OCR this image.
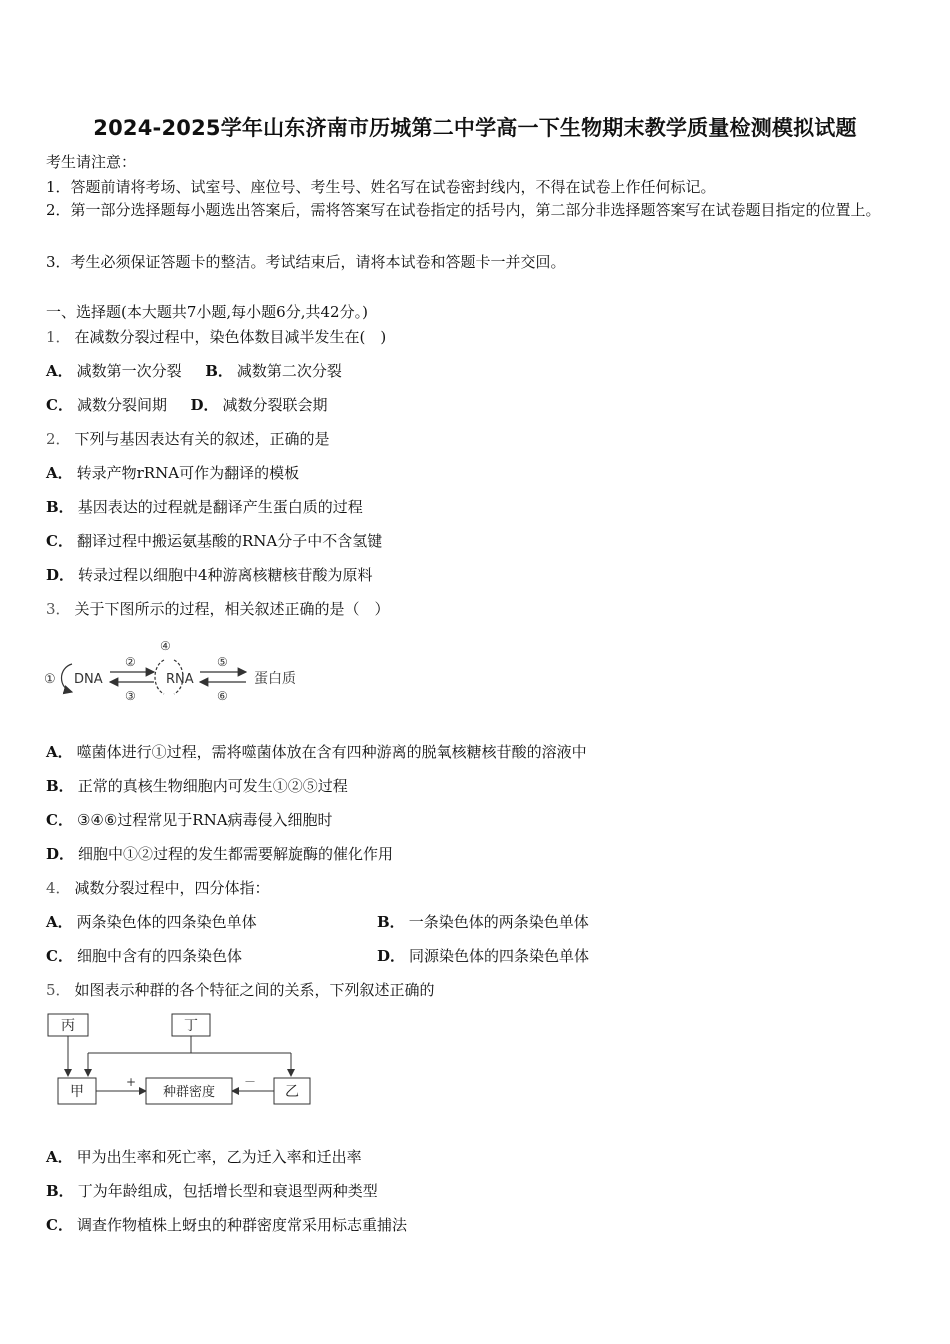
2024-2025学年山东济南市历城第二中学高一下生物期末教学质量检测模拟试题
考生请注意：
1．答题前请将考场、试室号、座位号、考生号、姓名写在试卷密封线内，不得在试卷上作任何标记。
2．第一部分选择题每小题选出答案后，需将答案写在试卷指定的括号内，第二部分非选择题答案写在试卷题目指定的位置上。
3．考生必须保证答题卡的整洁。考试结束后，请将本试卷和答题卡一并交回。
一、选择题(本大题共7小题,每小题6分,共42分。)
1． 在减数分裂过程中，染色体数目减半发生在(　)
A． 减数第一次分裂 B． 减数第二次分裂
C． 减数分裂间期 D． 减数分裂联会期
2． 下列与基因表达有关的叙述，正确的是
A． 转录产物rRNA可作为翻译的模板
B． 基因表达的过程就是翻译产生蛋白质的过程
C． 翻译过程中搬运氨基酸的RNA分子中不含氢键
D． 转录过程以细胞中4种游离核糖核苷酸为原料
3． 关于下图所示的过程，相关叙述正确的是（　）
① DNA
②
③
④
RNA
⑤
⑥
蛋白质
A． 噬菌体进行①过程，需将噬菌体放在含有四种游离的脱氧核糖核苷酸的溶液中
B． 正常的真核生物细胞内可发生①②⑤过程
C． ③④⑥过程常见于RNA病毒侵入细胞时
D． 细胞中①②过程的发生都需要解旋酶的催化作用
4． 减数分裂过程中，四分体指：
A． 两条染色体的四条染色单体	B． 一条染色体的两条染色单体
C． 细胞中含有的四条染色体	D． 同源染色体的四条染色单体
5． 如图表示种群的各个特征之间的关系，下列叙述正确的
+	－
丙	丁
甲	种群密度	乙
A． 甲为出生率和死亡率，乙为迁入率和迁出率
B． 丁为年龄组成，包括增长型和衰退型两种类型
C． 调查作物植株上蚜虫的种群密度常采用标志重捕法
